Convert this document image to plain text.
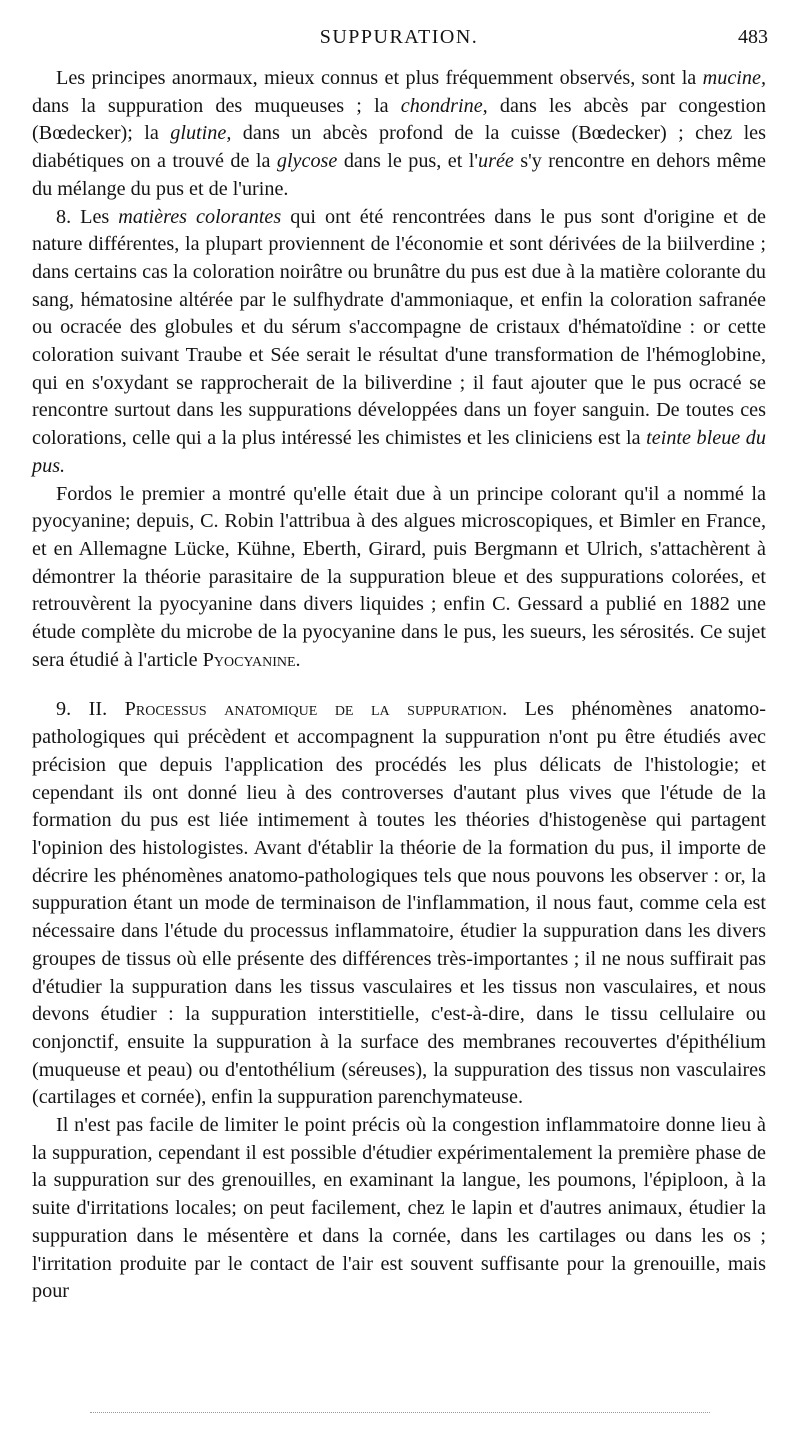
SUPPURATION.	483

Les principes anormaux, mieux connus et plus fréquemment observés, sont la mucine, dans la suppuration des muqueuses ; la chondrine, dans les abcès par congestion (Bœdecker); la glutine, dans un abcès profond de la cuisse (Bœdecker) ; chez les diabétiques on a trouvé de la glycose dans le pus, et l'urée s'y rencontre en dehors même du mélange du pus et de l'urine.

8. Les matières colorantes qui ont été rencontrées dans le pus sont d'origine et de nature différentes, la plupart proviennent de l'économie et sont dérivées de la biilverdine ; dans certains cas la coloration noirâtre ou brunâtre du pus est due à la matière colorante du sang, hématosine altérée par le sulfhydrate d'ammoniaque, et enfin la coloration safranée ou ocracée des globules et du sérum s'accompagne de cristaux d'hématoïdine : or cette coloration suivant Traube et Sée serait le résultat d'une transformation de l'hémoglobine, qui en s'oxydant se rapprocherait de la biliverdine ; il faut ajouter que le pus ocracé se rencontre surtout dans les suppurations développées dans un foyer sanguin. De toutes ces colorations, celle qui a la plus intéressé les chimistes et les cliniciens est la teinte bleue du pus.

Fordos le premier a montré qu'elle était due à un principe colorant qu'il a nommé la pyocyanine; depuis, C. Robin l'attribua à des algues microscopiques, et Bimler en France, et en Allemagne Lücke, Kühne, Eberth, Girard, puis Bergmann et Ulrich, s'attachèrent à démontrer la théorie parasitaire de la suppuration bleue et des suppurations colorées, et retrouvèrent la pyocyanine dans divers liquides ; enfin C. Gessard a publié en 1882 une étude complète du microbe de la pyocyanine dans le pus, les sueurs, les sérosités. Ce sujet sera étudié à l'article Pyocyanine.

9. II. Processus anatomique de la suppuration. Les phénomènes anatomo-pathologiques qui précèdent et accompagnent la suppuration n'ont pu être étudiés avec précision que depuis l'application des procédés les plus délicats de l'histologie; et cependant ils ont donné lieu à des controverses d'autant plus vives que l'étude de la formation du pus est liée intimement à toutes les théories d'histogenèse qui partagent l'opinion des histologistes. Avant d'établir la théorie de la formation du pus, il importe de décrire les phénomènes anatomo-pathologiques tels que nous pouvons les observer : or, la suppuration étant un mode de terminaison de l'inflammation, il nous faut, comme cela est nécessaire dans l'étude du processus inflammatoire, étudier la suppuration dans les divers groupes de tissus où elle présente des différences très-importantes ; il ne nous suffirait pas d'étudier la suppuration dans les tissus vasculaires et les tissus non vasculaires, et nous devons étudier : la suppuration interstitielle, c'est-à-dire, dans le tissu cellulaire ou conjonctif, ensuite la suppuration à la surface des membranes recouvertes d'épithélium (muqueuse et peau) ou d'entothélium (séreuses), la suppuration des tissus non vasculaires (cartilages et cornée), enfin la suppuration parenchymateuse.

Il n'est pas facile de limiter le point précis où la congestion inflammatoire donne lieu à la suppuration, cependant il est possible d'étudier expérimentalement la première phase de la suppuration sur des grenouilles, en examinant la langue, les poumons, l'épiploon, à la suite d'irritations locales; on peut facilement, chez le lapin et d'autres animaux, étudier la suppuration dans le mésentère et dans la cornée, dans les cartilages ou dans les os ; l'irritation produite par le contact de l'air est souvent suffisante pour la grenouille, mais pour
